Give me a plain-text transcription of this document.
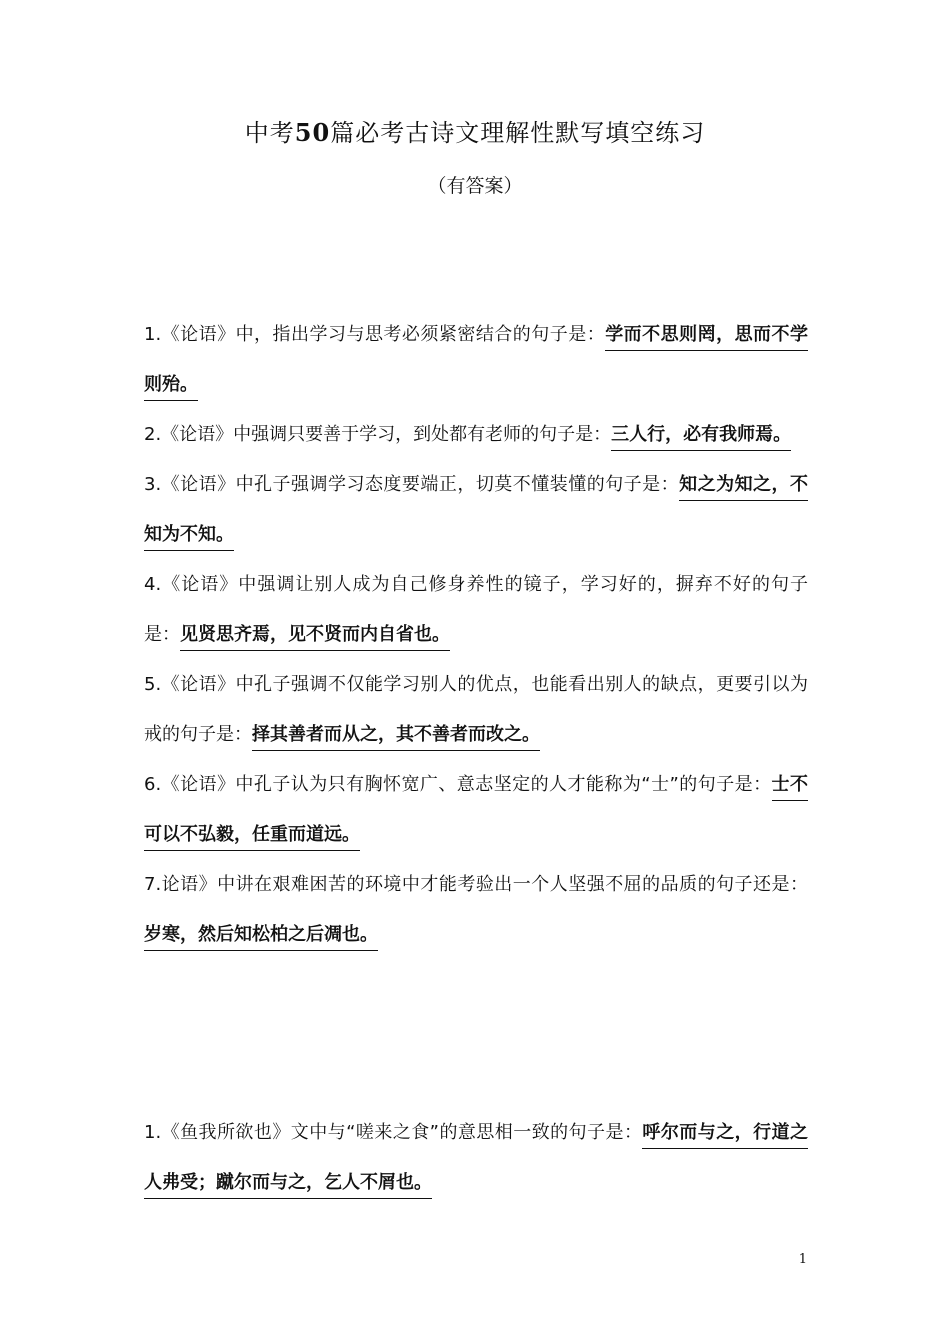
中考50篇必考古诗文理解性默写填空练习
（有答案）
1.《论语》中，指出学习与思考必须紧密结合的句子是：学而不思则罔，思而不学则殆。
2.《论语》中强调只要善于学习，到处都有老师的句子是：三人行，必有我师焉。
3.《论语》中孔子强调学习态度要端正，切莫不懂装懂的句子是：知之为知之，不知为不知。
4.《论语》中强调让别人成为自己修身养性的镜子，学习好的，摒弃不好的句子是：见贤思齐焉，见不贤而内自省也。
5.《论语》中孔子强调不仅能学习别人的优点，也能看出别人的缺点，更要引以为戒的句子是：择其善者而从之，其不善者而改之。
6.《论语》中孔子认为只有胸怀宽广、意志坚定的人才能称为“士”的句子是：士不可以不弘毅，任重而道远。
7.论语》中讲在艰难困苦的环境中才能考验出一个人坚强不屈的品质的句子还是：岁寒，然后知松柏之后凋也。
1.《鱼我所欲也》文中与“嗟来之食”的意思相一致的句子是：呼尔而与之，行道之人弗受；蹴尔而与之，乞人不屑也。
1
